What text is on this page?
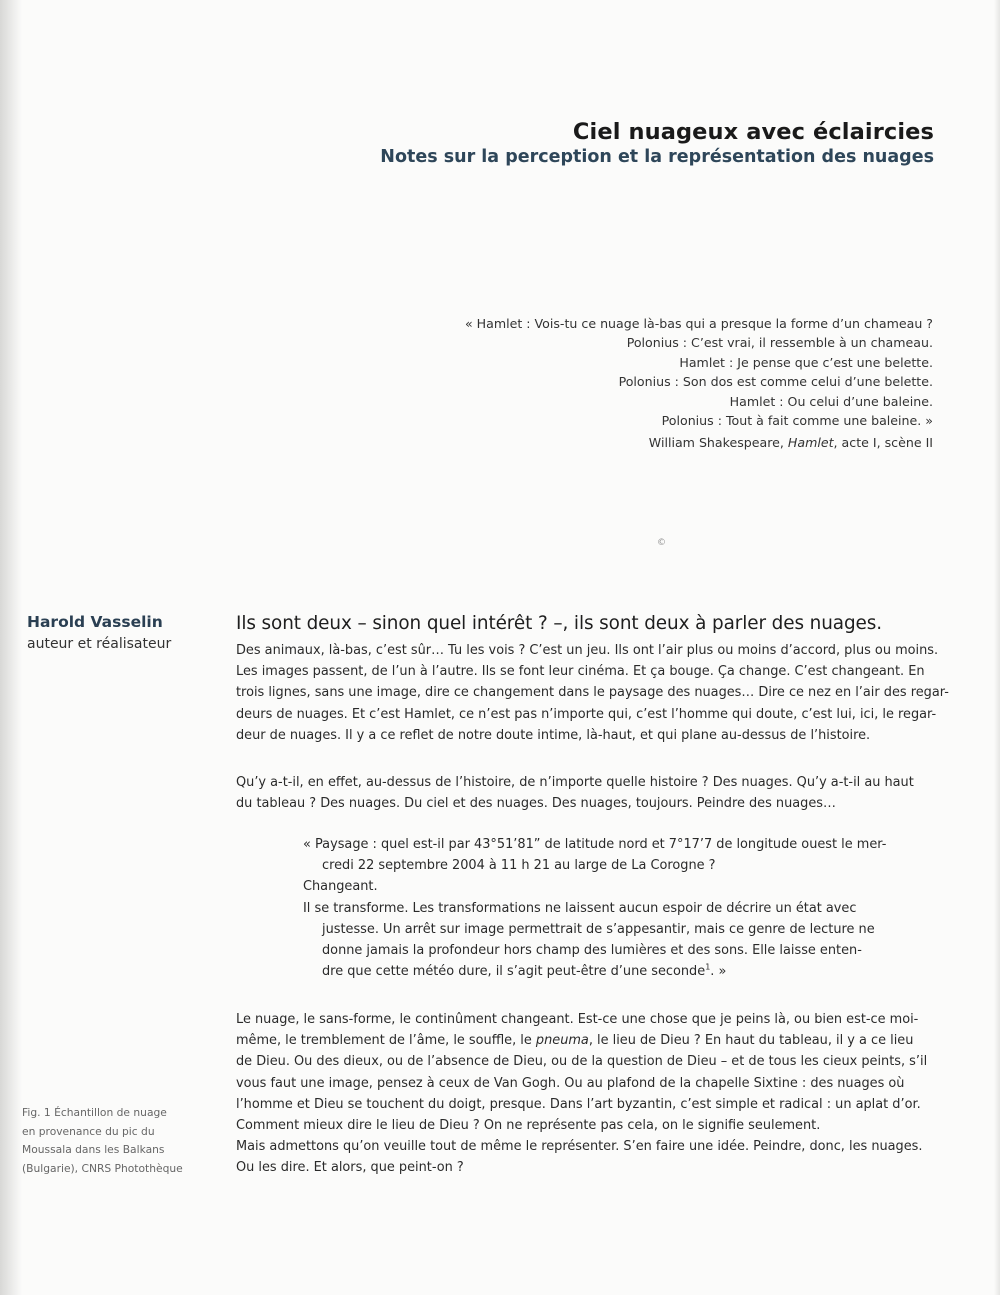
Ciel nuageux avec éclaircies
Notes sur la perception et la représentation des nuages
« Hamlet : Vois-tu ce nuage là-bas qui a presque la forme d’un chameau ?
Polonius : C’est vrai, il ressemble à un chameau.
Hamlet : Je pense que c’est une belette.
Polonius : Son dos est comme celui d’une belette.
Hamlet : Ou celui d’une baleine.
Polonius : Tout à fait comme une baleine. »
William Shakespeare, Hamlet, acte I, scène II
©
Harold Vasselin
auteur et réalisateur
Fig. 1 Échantillon de nuage
en provenance du pic du
Moussala dans les Balkans
(Bulgarie), CNRS Photothèque
Ils sont deux – sinon quel intérêt ? –, ils sont deux à parler des nuages.
Des animaux, là-bas, c’est sûr… Tu les vois ? C’est un jeu. Ils ont l’air plus ou moins d’accord, plus ou moins.
Les images passent, de l’un à l’autre. Ils se font leur cinéma. Et ça bouge. Ça change. C’est changeant. En
trois lignes, sans une image, dire ce changement dans le paysage des nuages… Dire ce nez en l’air des regar-
deurs de nuages. Et c’est Hamlet, ce n’est pas n’importe qui, c’est l’homme qui doute, c’est lui, ici, le regar-
deur de nuages. Il y a ce reflet de notre doute intime, là-haut, et qui plane au-dessus de l’histoire.
Qu’y a-t-il, en effet, au-dessus de l’histoire, de n’importe quelle histoire ? Des nuages. Qu’y a-t-il au haut
du tableau ? Des nuages. Du ciel et des nuages. Des nuages, toujours. Peindre des nuages…
« Paysage : quel est-il par 43°51’81” de latitude nord et 7°17’7 de longitude ouest le mer-
credi 22 septembre 2004 à 11 h 21 au large de La Corogne ?
Changeant.
Il se transforme. Les transformations ne laissent aucun espoir de décrire un état avec
justesse. Un arrêt sur image permettrait de s’appesantir, mais ce genre de lecture ne
donne jamais la profondeur hors champ des lumières et des sons. Elle laisse enten-
dre que cette météo dure, il s’agit peut-être d’une seconde$^1$. »
Le nuage, le sans-forme, le continûment changeant. Est-ce une chose que je peins là, ou bien est-ce moi-
même, le tremblement de l’âme, le souffle, le pneuma, le lieu de Dieu ? En haut du tableau, il y a ce lieu
de Dieu. Ou des dieux, ou de l’absence de Dieu, ou de la question de Dieu – et de tous les cieux peints, s’il
vous faut une image, pensez à ceux de Van Gogh. Ou au plafond de la chapelle Sixtine : des nuages où
l’homme et Dieu se touchent du doigt, presque. Dans l’art byzantin, c’est simple et radical : un aplat d’or.
Comment mieux dire le lieu de Dieu ? On ne représente pas cela, on le signifie seulement.
Mais admettons qu’on veuille tout de même le représenter. S’en faire une idée. Peindre, donc, les nuages.
Ou les dire. Et alors, que peint-on ?
